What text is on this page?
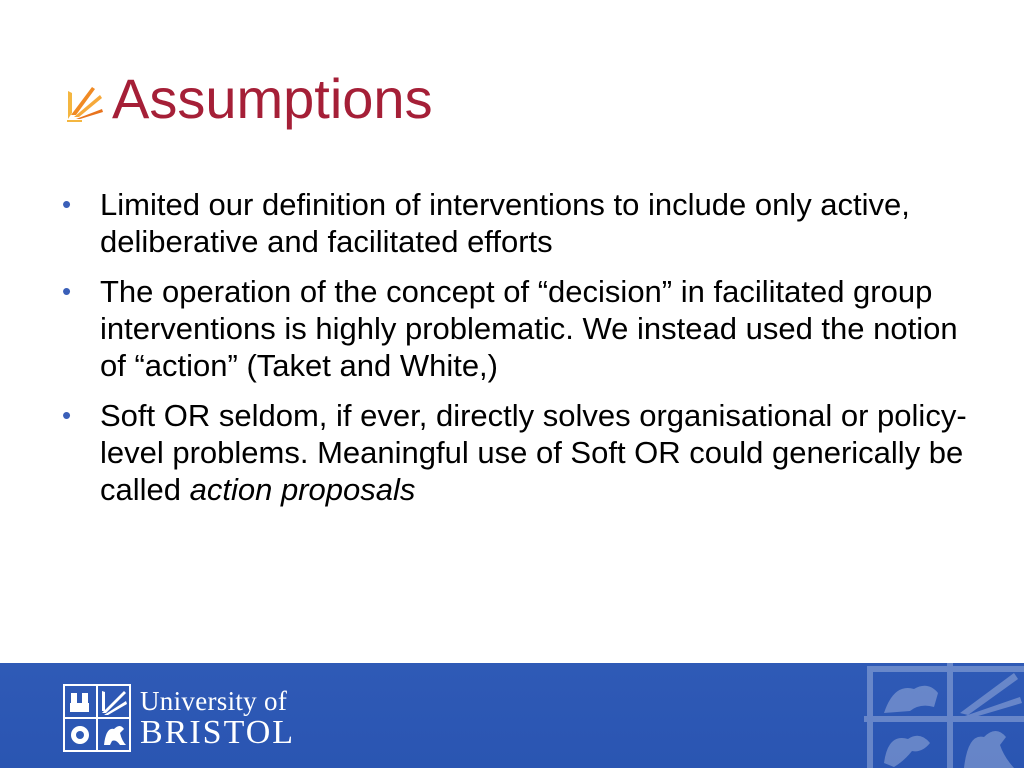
Assumptions
• Limited our definition of interventions to include only active, deliberative and facilitated efforts
• The operation of the concept of “decision” in facilitated group interventions is highly problematic. We instead used the notion of “action” (Taket and White,)
• Soft OR seldom, if ever, directly solves organisational or policy-level problems. Meaningful use of Soft OR could generically be called action proposals
University of
BRISTOL
